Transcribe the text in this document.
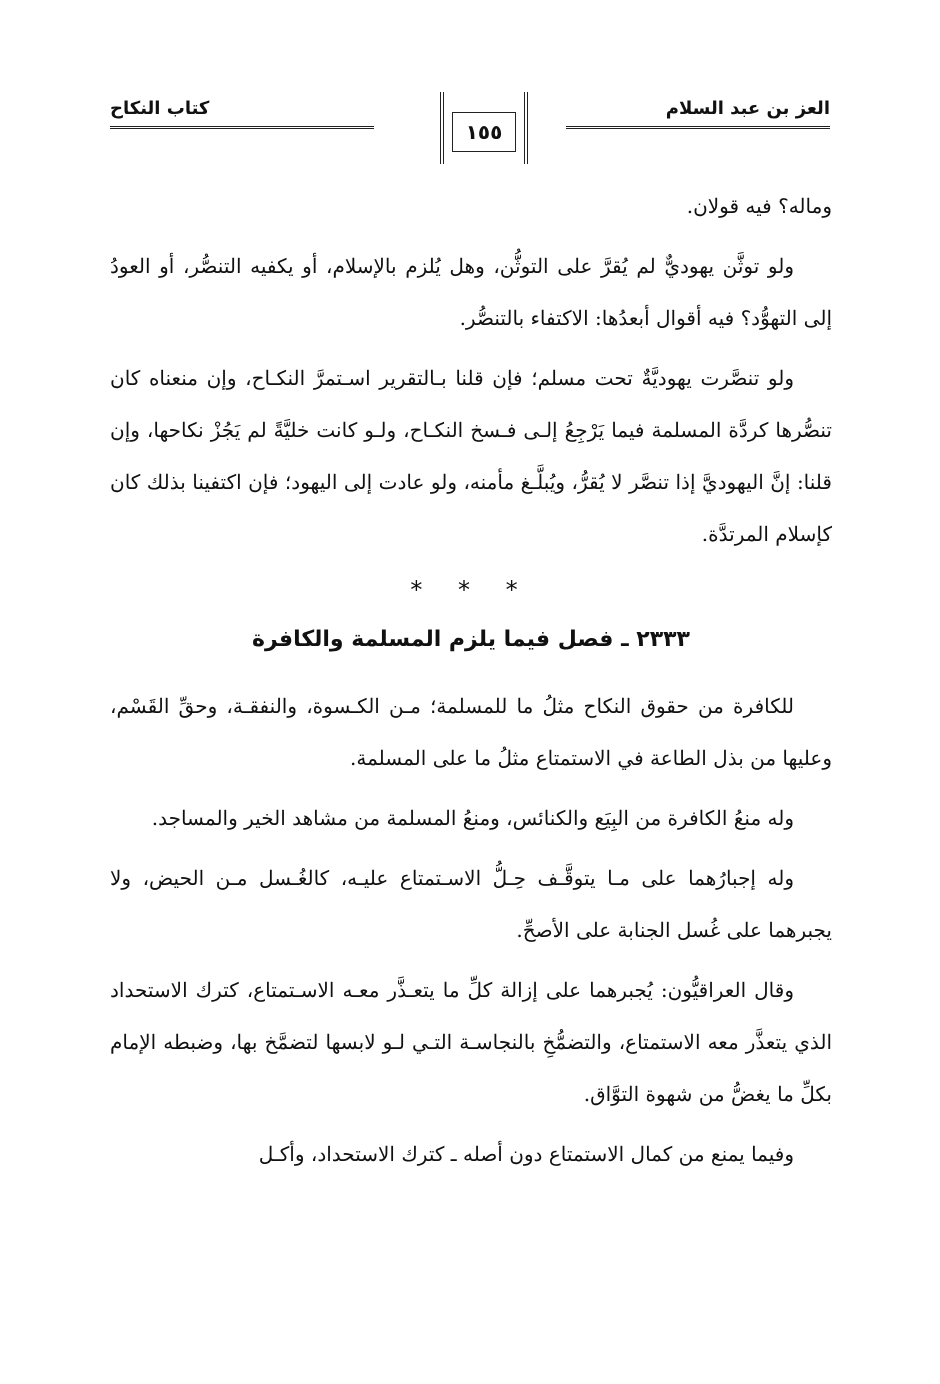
العز بن عبد السلام
كتاب النكاح
١٥٥

وماله؟ فيه قولان.

ولو توثَّن يهوديٌّ لم يُقرَّ على التوثُّن، وهل يُلزم بالإسلام، أو يكفيه التنصُّر، أو العودُ إلى التهوُّد؟ فيه أقوال أبعدُها: الاكتفاء بالتنصُّر.

ولو تنصَّرت يهوديَّةٌ تحت مسلم؛ فإن قلنا بـالتقرير اسـتمرَّ النكـاح، وإن منعناه كان تنصُّرها كردَّة المسلمة فيما يَرْجِعُ إلـى فـسخ النكـاح، ولـو كانت خليَّةً لم يَجُزْ نكاحها، وإن قلنا: إنَّ اليهوديَّ إذا تنصَّر لا يُقرُّ، ويُبلَّـغ مأمنه، ولو عادت إلى اليهود؛ فإن اكتفينا بذلك كان كإسلام المرتدَّة.

* * *
٢٣٣٣ ـ فصل فيما يلزم المسلمة والكافرة

للكافرة من حقوق النكاح مثلُ ما للمسلمة؛ مـن الكـسوة، والنفقـة، وحقِّ القَسْم، وعليها من بذل الطاعة في الاستمتاع مثلُ ما على المسلمة.

وله منعُ الكافرة من البِيَع والكنائس، ومنعُ المسلمة من مشاهد الخير والمساجد.

وله إجبارُهما على مـا يتوقَّـف حِـلُّ الاسـتمتاع عليـه، كالغُـسل مـن الحيض، ولا يجبرهما على غُسل الجنابة على الأصحِّ.

وقال العراقيُّون: يُجبرهما على إزالة كلِّ ما يتعـذَّر معـه الاسـتمتاع، كترك الاستحداد الذي يتعذَّر معه الاستمتاع، والتضمُّخِ بالنجاسـة التـي لـو لابسها لتضمَّخ بها، وضبطه الإمام بكلِّ ما يغضُّ من شهوة التوَّاق.

وفيما يمنع من كمال الاستمتاع دون أصله ـ كترك الاستحداد، وأكـل
